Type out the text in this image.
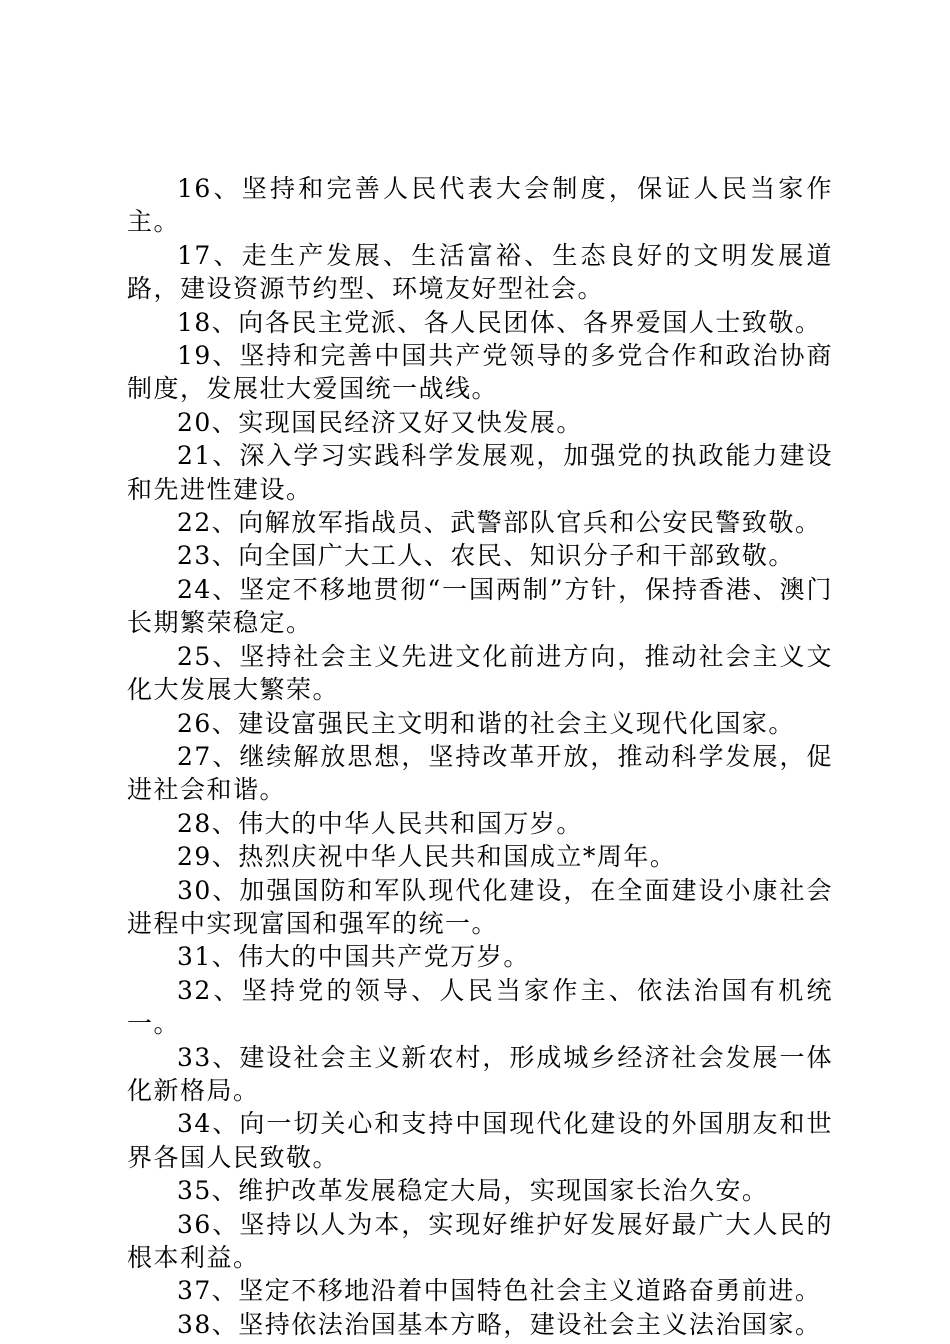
16、坚持和完善人民代表大会制度，保证人民当家作主。

17、走生产发展、生活富裕、生态良好的文明发展道路，建设资源节约型、环境友好型社会。

18、向各民主党派、各人民团体、各界爱国人士致敬。

19、坚持和完善中国共产党领导的多党合作和政治协商制度，发展壮大爱国统一战线。

20、实现国民经济又好又快发展。

21、深入学习实践科学发展观，加强党的执政能力建设和先进性建设。

22、向解放军指战员、武警部队官兵和公安民警致敬。

23、向全国广大工人、农民、知识分子和干部致敬。

24、坚定不移地贯彻“一国两制”方针，保持香港、澳门长期繁荣稳定。

25、坚持社会主义先进文化前进方向，推动社会主义文化大发展大繁荣。

26、建设富强民主文明和谐的社会主义现代化国家。

27、继续解放思想，坚持改革开放，推动科学发展，促进社会和谐。

28、伟大的中华人民共和国万岁。

29、热烈庆祝中华人民共和国成立*周年。

30、加强国防和军队现代化建设，在全面建设小康社会进程中实现富国和强军的统一。

31、伟大的中国共产党万岁。

32、坚持党的领导、人民当家作主、依法治国有机统一。

33、建设社会主义新农村，形成城乡经济社会发展一体化新格局。

34、向一切关心和支持中国现代化建设的外国朋友和世界各国人民致敬。

35、维护改革发展稳定大局，实现国家长治久安。

36、坚持以人为本，实现好维护好发展好最广大人民的根本利益。

37、坚定不移地沿着中国特色社会主义道路奋勇前进。

38、坚持依法治国基本方略，建设社会主义法治国家。
